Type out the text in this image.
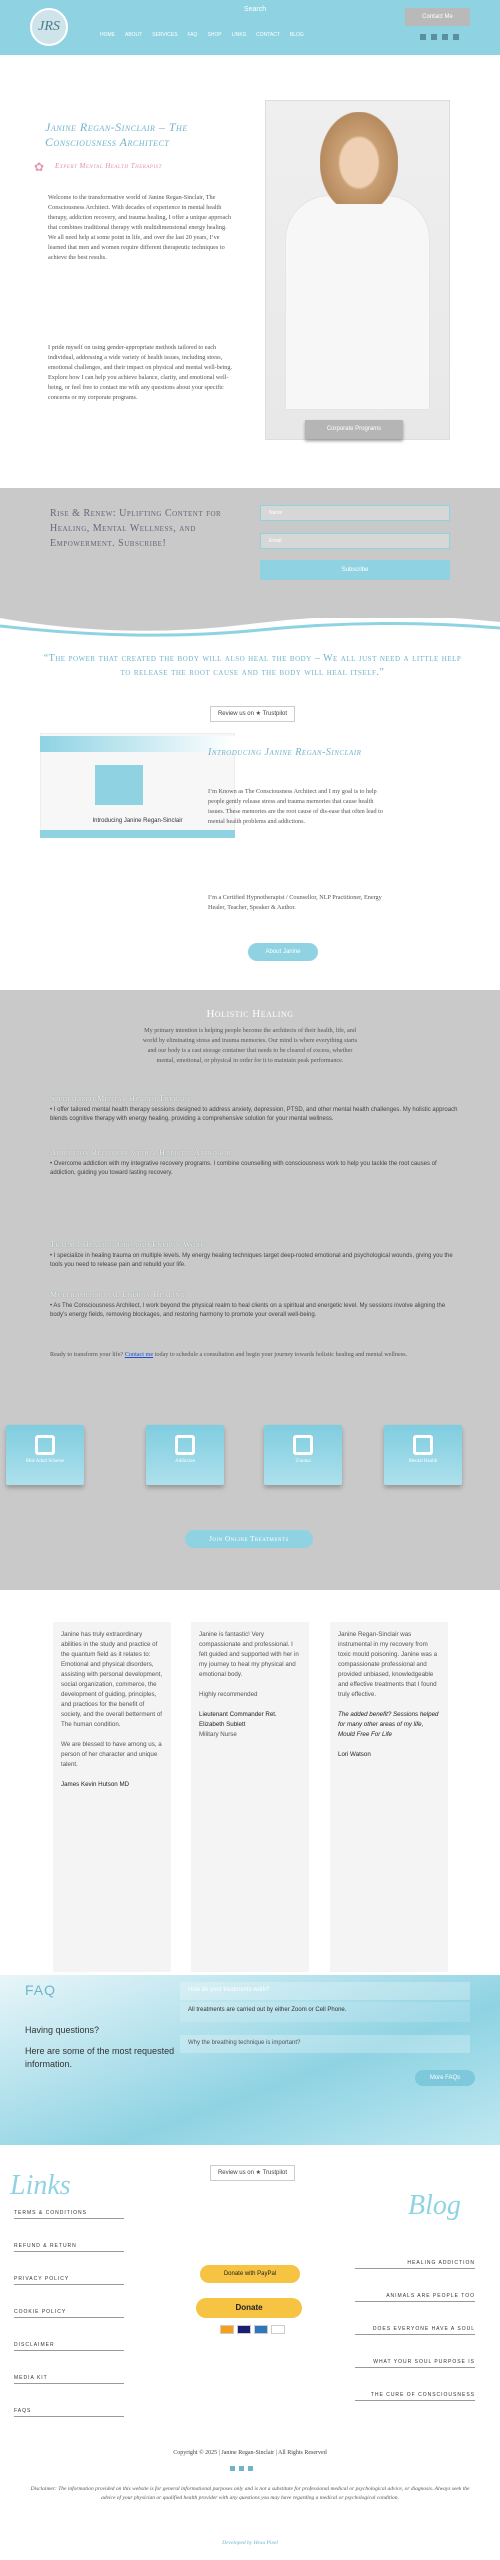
JRS
Search
Contact Me
HOME ABOUT SERVICES FAQ SHOP LINKS CONTACT BLOG
Janine Regan-Sinclair – The Consciousness Architect
✿ Expert Mental Health Therapist
Welcome to the transformative world of Janine Regan-Sinclair, The Consciousness Architect. With decades of experience in mental health therapy, addiction recovery, and trauma healing, I offer a unique approach that combines traditional therapy with multidimensional energy healing. We all need help at some point in life, and over the last 20 years, I’ve learned that men and women require different therapeutic techniques to achieve the best results.
I pride myself on using gender-appropriate methods tailored to each individual, addressing a wide variety of health issues, including stress, emotional challenges, and their impact on physical and mental well-being. Explore how I can help you achieve balance, clarity, and emotional well-being, or feel free to contact me with any questions about your specific concerns or my corporate programs.
Corporate Programs
Rise & Renew: Uplifting Content for Healing, Mental Wellness, and Empowerment. Subscribe!
Name
Email
Subscribe
“The power that created the body will also heal the body – We all just need a little help to release the root cause and the body will heal itself.”
Review us on ★ Trustpilot
Introducing Janine Regan-Sinclair
Introducing Janine Regan-Sinclair
I’m Known as The Consciousness Architect and I my goal is to help people gently release stress and trauma memories that cause health issues. These memories are the root cause of dis-ease that often lead to mental health problems and addictions.
I’m a Certified Hypnotherapist / Counsellor, NLP Practitioner, Energy Healer, Teacher, Speaker & Author.
About Janine
Holistic Healing
My primary intention is helping people become the architects of their health, life, and world by eliminating stress and trauma memories. Our mind is where everything starts and our body is a cast storage container that needs to be cleared of excess, whether mental, emotional, or physical in order for it to maintain peak performance.
Specialized Mental Health Therapy
• I offer tailored mental health therapy sessions designed to address anxiety, depression, PTSD, and other mental health challenges. My holistic approach blends cognitive therapy with energy healing, providing a comprehensive solution for your mental wellness.
Addiction Recovery with a Holistic Approach
• Overcome addiction with my integrative recovery programs. I combine counselling with consciousness work to help you tackle the root causes of addiction, guiding you toward lasting recovery.
Trauma Healing through Energy Work
• I specialize in healing trauma on multiple levels. My energy healing techniques target deep-rooted emotional and psychological wounds, giving you the tools you need to release pain and rebuild your life.
Multidimensional Energy Healing
• As The Consciousness Architect, I work beyond the physical realm to heal clients on a spiritual and energetic level. My sessions involve aligning the body’s energy fields, removing blockages, and restoring harmony to promote your overall well-being.
Ready to transform your life? Contact me today to schedule a consultation and begin your journey towards holistic healing and mental wellness.
Mid-Adult Scheme	Addiction	Trauma	Mental Health
Join Online Treatments

Janine has truly extraordinary abilities in the study and practice of the quantum field as it relates to: Emotional and physical disorders, assisting with personal development, social organization, commerce, the development of guiding, principles, and practices for the benefit of society, and the overall betterment of The human condition.

We are blessed to have among us, a person of her character and unique talent.

James Kevin Hutson MD

Janine is fantastic! Very compassionate and professional. I felt guided and supported with her in my journey to heal my physical and emotional body.

Highly recommended

Lieutenant Commander Ret. Elizabeth Sublett

Military Nurse

Janine Regan-Sinclair was instrumental in my recovery from toxic mould poisoning. Janine was a compassionate professional and provided unbiased, knowledgeable and effective treatments that I found truly effective.

The added benefit? Sessions helped for many other areas of my life, Mould Free For Life

Lori Watson

FAQ
Having questions?
Here are some of the most requested information.
How do your treatments work?
All treatments are carried out by either Zoom or Cell Phone.
Why the breathing technique is important?
More FAQs
Links
Blog
Review us on ★ Trustpilot
TERMS & CONDITIONS
REFUND & RETURN
PRIVACY POLICY
COOKIE POLICY
DISCLAIMER
MEDIA KIT
FAQS
HEALING ADDICTION
ANIMALS ARE PEOPLE TOO
DOES EVERYONE HAVE A SOUL
WHAT YOUR SOUL PURPOSE IS
THE CURE OF CONSCIOUSNESS
Donate with PayPal
Donate
Copyright © 2025 | Janine Regan-Sinclair | All Rights Reserved
Disclaimer: The information provided on this website is for general informational purposes only and is not a substitute for professional medical or psychological advice, or diagnosis. Always seek the advice of your physician or qualified health provider with any questions you may have regarding a medical or psychological condition.
Developed by Hexa Pixel
